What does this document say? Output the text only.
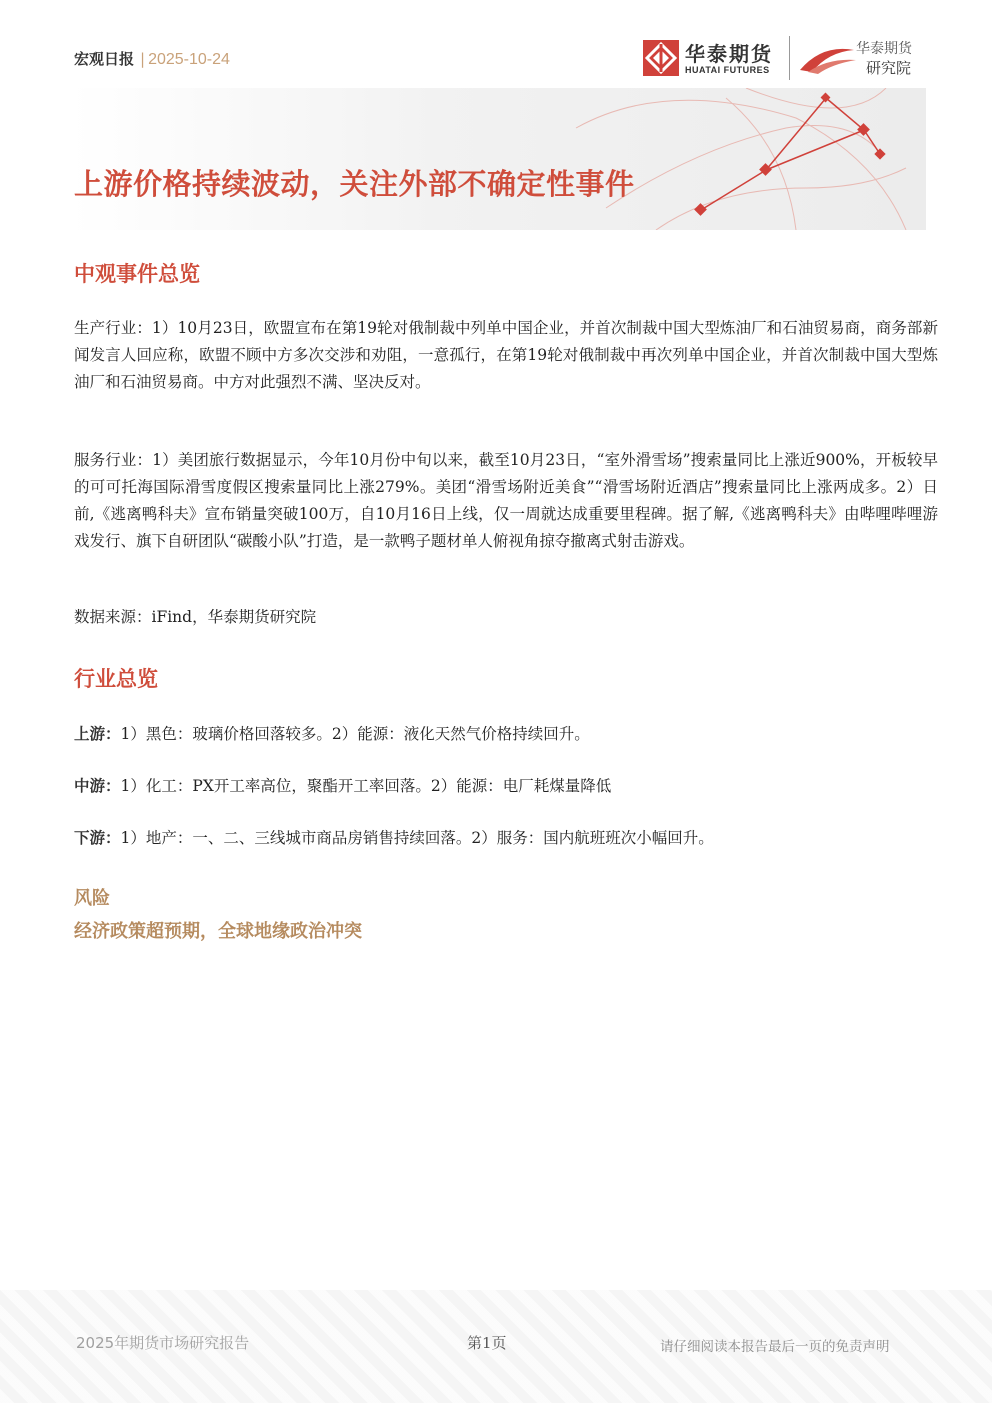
宏观日报 | 2025-10-24	华泰期货
HUATAI FUTURES
华泰期货
研究院
上游价格持续波动，关注外部不确定性事件
中观事件总览
生产行业：1）10月23日，欧盟宣布在第19轮对俄制裁中列单中国企业，并首次制裁中国大型炼油厂和石油贸易商，商务部新闻发言人回应称，欧盟不顾中方多次交涉和劝阻，一意孤行，在第19轮对俄制裁中再次列单中国企业，并首次制裁中国大型炼油厂和石油贸易商。中方对此强烈不满、坚决反对。
服务行业：1）美团旅行数据显示，今年10月份中旬以来，截至10月23日，“室外滑雪场”搜索量同比上涨近900%，开板较早的可可托海国际滑雪度假区搜索量同比上涨279%。美团“滑雪场附近美食”“滑雪场附近酒店”搜索量同比上涨两成多。2）日前,《逃离鸭科夫》宣布销量突破100万，自10月16日上线，仅一周就达成重要里程碑。据了解,《逃离鸭科夫》由哔哩哔哩游戏发行、旗下自研团队“碳酸小队”打造，是一款鸭子题材单人俯视角掠夺撤离式射击游戏。
数据来源：iFind，华泰期货研究院
行业总览
上游：1）黑色：玻璃价格回落较多。2）能源：液化天然气价格持续回升。
中游：1）化工：PX开工率高位，聚酯开工率回落。2）能源：电厂耗煤量降低
下游：1）地产：一、二、三线城市商品房销售持续回落。2）服务：国内航班班次小幅回升。
风险
经济政策超预期，全球地缘政治冲突
2025年期货市场研究报告	第1页	请仔细阅读本报告最后一页的免责声明
